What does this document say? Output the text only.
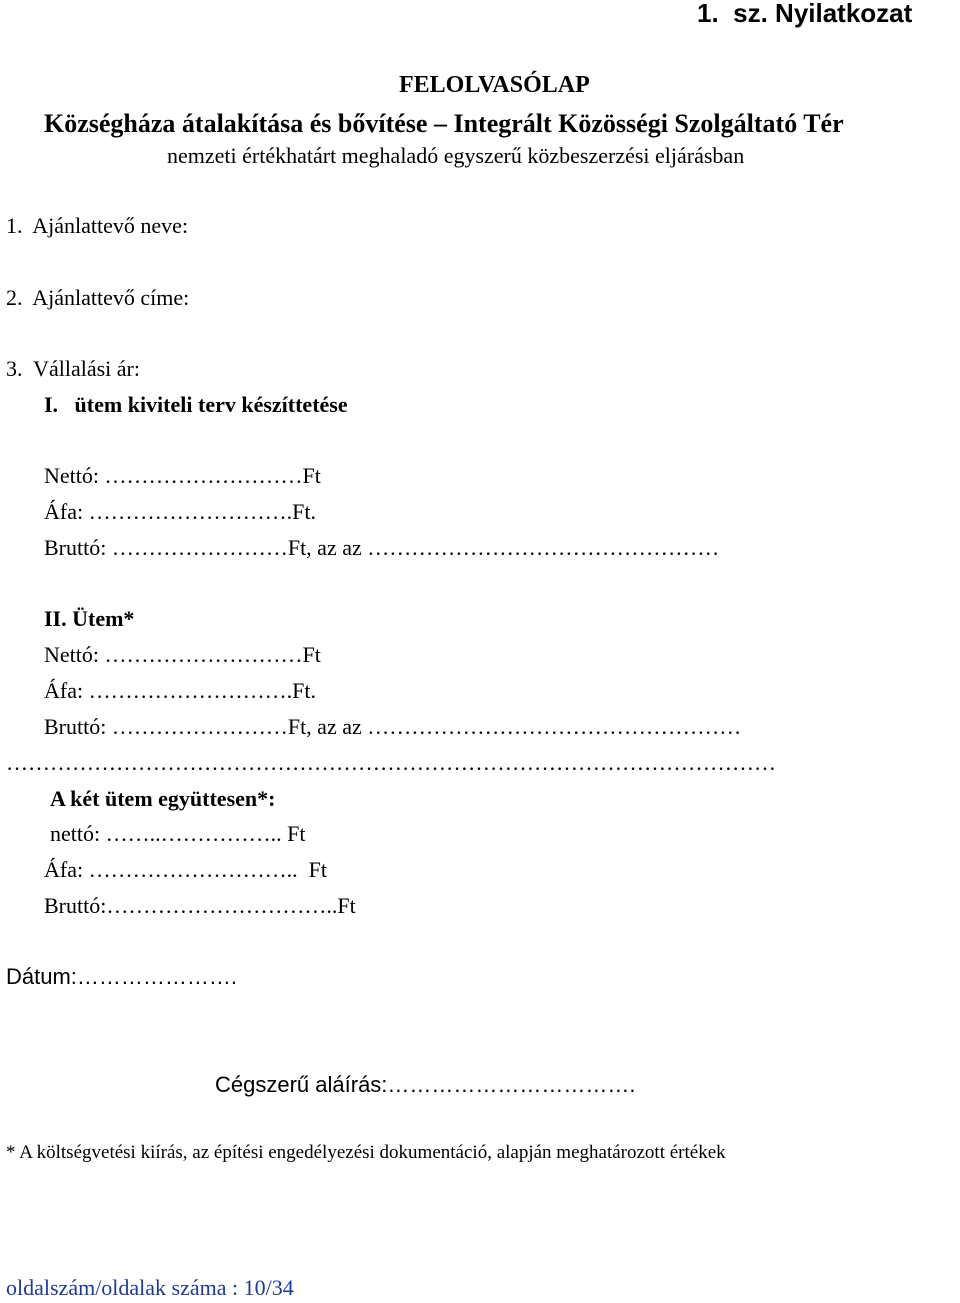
1.  sz. Nyilatkozat
FELOLVASÓLAP
Községháza átalakítása és bővítése – Integrált Közösségi Szolgáltató Tér
nemzeti értékhatárt meghaladó egyszerű közbeszerzési eljárásban
1.  Ajánlattevő neve:
2.  Ajánlattevő címe:
3.  Vállalási ár:
I.   ütem kiviteli terv készíttetése
Nettó: ………………………Ft
Áfa: ……………………….Ft.
Bruttó: ……………………Ft, az az …………………………………………
II. Ütem*
Nettó: ………………………Ft
Áfa: ……………………….Ft.
Bruttó: ……………………Ft, az az ……………………………………………
……………………………………………………………………………………………
A két ütem együttesen*:
nettó: ……..…………….. Ft
Áfa: ………………………..  Ft
Bruttó:…………………………..Ft
Dátum:………………….
Cégszerű aláírás:…………………………….
* A költségvetési kiírás, az építési engedélyezési dokumentáció, alapján meghatározott értékek
oldalszám/oldalak száma : 10/34
